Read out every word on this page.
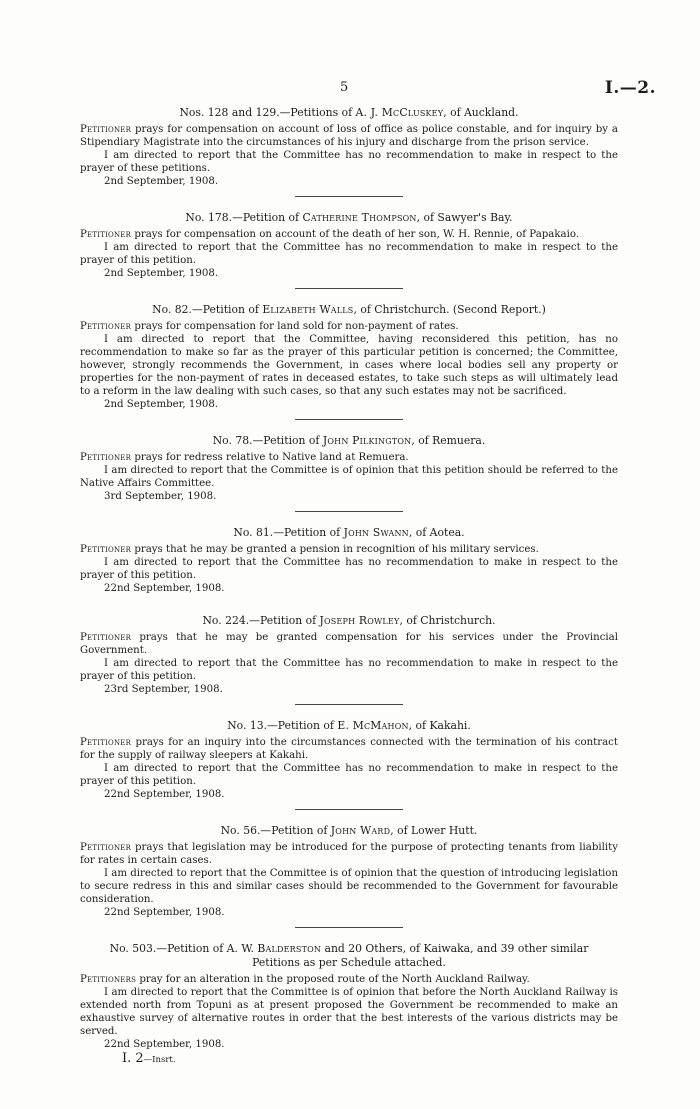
5	I.—2.

Nos. 128 and 129.—Petitions of A. J. McCluskey, of Auckland.

Petitioner prays for compensation on account of loss of office as police constable, and for inquiry by a Stipendiary Magistrate into the circumstances of his injury and discharge from the prison service.

I am directed to report that the Committee has no recommendation to make in respect to the prayer of these petitions.

2nd September, 1908.

No. 178.—Petition of Catherine Thompson, of Sawyer's Bay.

Petitioner prays for compensation on account of the death of her son, W. H. Rennie, of Papakaio.

I am directed to report that the Committee has no recommendation to make in respect to the prayer of this petition.

2nd September, 1908.

No. 82.—Petition of Elizabeth Walls, of Christchurch. (Second Report.)

Petitioner prays for compensation for land sold for non-payment of rates.

I am directed to report that the Committee, having reconsidered this petition, has no recommendation to make so far as the prayer of this particular petition is concerned; the Committee, however, strongly recommends the Government, in cases where local bodies sell any property or properties for the non-payment of rates in deceased estates, to take such steps as will ultimately lead to a reform in the law dealing with such cases, so that any such estates may not be sacrificed.

2nd September, 1908.

No. 78.—Petition of John Pilkington, of Remuera.

Petitioner prays for redress relative to Native land at Remuera.

I am directed to report that the Committee is of opinion that this petition should be referred to the Native Affairs Committee.

3rd September, 1908.

No. 81.—Petition of John Swann, of Aotea.

Petitioner prays that he may be granted a pension in recognition of his military services.

I am directed to report that the Committee has no recommendation to make in respect to the prayer of this petition.

22nd September, 1908.

No. 224.—Petition of Joseph Rowley, of Christchurch.

Petitioner prays that he may be granted compensation for his services under the Provincial Government.

I am directed to report that the Committee has no recommendation to make in respect to the prayer of this petition.

23rd September, 1908.

No. 13.—Petition of E. McMahon, of Kakahi.

Petitioner prays for an inquiry into the circumstances connected with the termination of his contract for the supply of railway sleepers at Kakahi.

I am directed to report that the Committee has no recommendation to make in respect to the prayer of this petition.

22nd September, 1908.

No. 56.—Petition of John Ward, of Lower Hutt.

Petitioner prays that legislation may be introduced for the purpose of protecting tenants from liability for rates in certain cases.

I am directed to report that the Committee is of opinion that the question of introducing legislation to secure redress in this and similar cases should be recommended to the Government for favourable consideration.

22nd September, 1908.

No. 503.—Petition of A. W. Balderston and 20 Others, of Kaiwaka, and 39 other similar
Petitions as per Schedule attached.

Petitioners pray for an alteration in the proposed route of the North Auckland Railway.

I am directed to report that the Committee is of opinion that before the North Auckland Railway is extended north from Topuni as at present proposed the Government be recommended to make an exhaustive survey of alternative routes in order that the best interests of the various districts may be served.

22nd September, 1908.

I. 2—Insrt.
